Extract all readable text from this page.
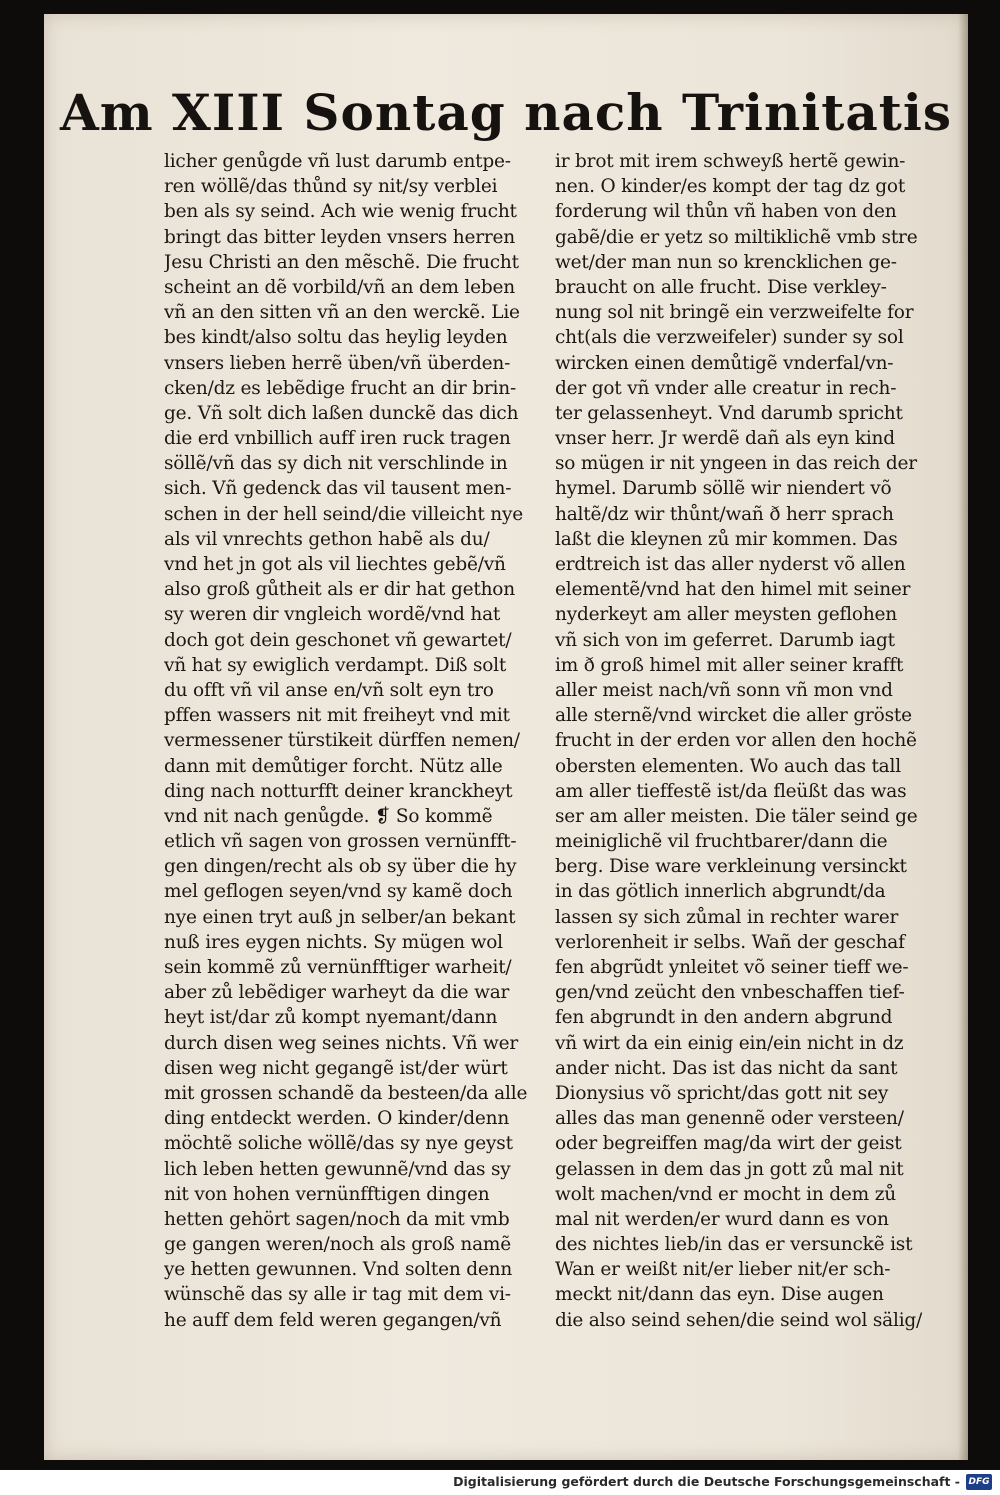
Am XIII Sontag nach Trinitatis
licher genůgde vñ lust darumb entpe-
ren wöllẽ/das thůnd sy nit/sy verblei
ben als sy seind. Ach wie wenig frucht
bringt das bitter leyden vnsers herren
Jesu Christi an den mẽschẽ. Die frucht
scheint an dẽ vorbild/vñ an dem leben
vñ an den sitten vñ an den werckẽ. Lie
bes kindt/also soltu das heylig leyden
vnsers lieben herrẽ üben/vñ überden-
cken/dz es lebẽdige frucht an dir brin-
ge. Vñ solt dich laßen dunckẽ das dich
die erd vnbillich auff iren ruck tragen
söllẽ/vñ das sy dich nit verschlinde in
sich. Vñ gedenck das vil tausent men-
schen in der hell seind/die villeicht nye
als vil vnrechts gethon habẽ als du/
vnd het jn got als vil liechtes gebẽ/vñ
also groß gůtheit als er dir hat gethon
sy weren dir vngleich wordẽ/vnd hat
doch got dein geschonet vñ gewartet/
vñ hat sy ewiglich verdampt. Diß solt
du offt vñ vil anse en/vñ solt eyn tro
pffen wassers nit mit freiheyt vnd mit
vermessener türstikeit dürffen nemen/
dann mit demůtiger forcht. Nütz alle
ding nach notturfft deiner kranckheyt
vnd nit nach genůgde. ❡ So kommẽ
etlich vñ sagen von grossen vernünfft-
gen dingen/recht als ob sy über die hy
mel geflogen seyen/vnd sy kamẽ doch
nye einen tryt auß jn selber/an bekant
nuß ires eygen nichts. Sy mügen wol
sein kommẽ zů vernünfftiger warheit/
aber zů lebẽdiger warheyt da die war
heyt ist/dar zů kompt nyemant/dann
durch disen weg seines nichts. Vñ wer
disen weg nicht gegangẽ ist/der würt
mit grossen schandẽ da besteen/da alle
ding entdeckt werden. O kinder/denn
möchtẽ soliche wöllẽ/das sy nye geyst
lich leben hetten gewunnẽ/vnd das sy
nit von hohen vernünfftigen dingen
hetten gehört sagen/noch da mit vmb
ge gangen weren/noch als groß namẽ
ye hetten gewunnen. Vnd solten denn
wünschẽ das sy alle ir tag mit dem vi-
he auff dem feld weren gegangen/vñ
ir brot mit irem schweyß hertẽ gewin-
nen. O kinder/es kompt der tag dz got
forderung wil thůn vñ haben von den
gabẽ/die er yetz so miltiklichẽ vmb stre
wet/der man nun so krencklichen ge-
braucht on alle frucht. Dise verkley-
nung sol nit bringẽ ein verzweifelte for
cht(als die verzweifeler) sunder sy sol
wircken einen demůtigẽ vnderfal/vn-
der got vñ vnder alle creatur in rech-
ter gelassenheyt. Vnd darumb spricht
vnser herr. Jr werdẽ dañ als eyn kind
so mügen ir nit yngeen in das reich der
hymel. Darumb söllẽ wir niendert võ
haltẽ/dz wir thůnt/wañ ð herr sprach
laßt die kleynen zů mir kommen. Das
erdtreich ist das aller nyderst võ allen
elementẽ/vnd hat den himel mit seiner
nyderkeyt am aller meysten geflohen
vñ sich von im geferret. Darumb iagt
im ð groß himel mit aller seiner krafft
aller meist nach/vñ sonn vñ mon vnd
alle sternẽ/vnd wircket die aller gröste
frucht in der erden vor allen den hochẽ
obersten elementen. Wo auch das tall
am aller tieffestẽ ist/da fleüßt das was
ser am aller meisten. Die täler seind ge
meiniglichẽ vil fruchtbarer/dann die
berg. Dise ware verkleinung versinckt
in das götlich innerlich abgrundt/da
lassen sy sich zůmal in rechter warer
verlorenheit ir selbs. Wañ der geschaf
fen abgrũdt ynleitet võ seiner tieff we-
gen/vnd zeücht den vnbeschaffen tief-
fen abgrundt in den andern abgrund
vñ wirt da ein einig ein/ein nicht in dz
ander nicht. Das ist das nicht da sant
Dionysius võ spricht/das gott nit sey
alles das man genennẽ oder versteen/
oder begreiffen mag/da wirt der geist
gelassen in dem das jn gott zů mal nit
wolt machen/vnd er mocht in dem zů
mal nit werden/er wurd dann es von
des nichtes lieb/in das er versunckẽ ist
Wan er weißt nit/er lieber nit/er sch-
meckt nit/dann das eyn. Dise augen
die also seind sehen/die seind wol sälig/
Digitalisierung gefördert durch die Deutsche Forschungsgemeinschaft - DFG
